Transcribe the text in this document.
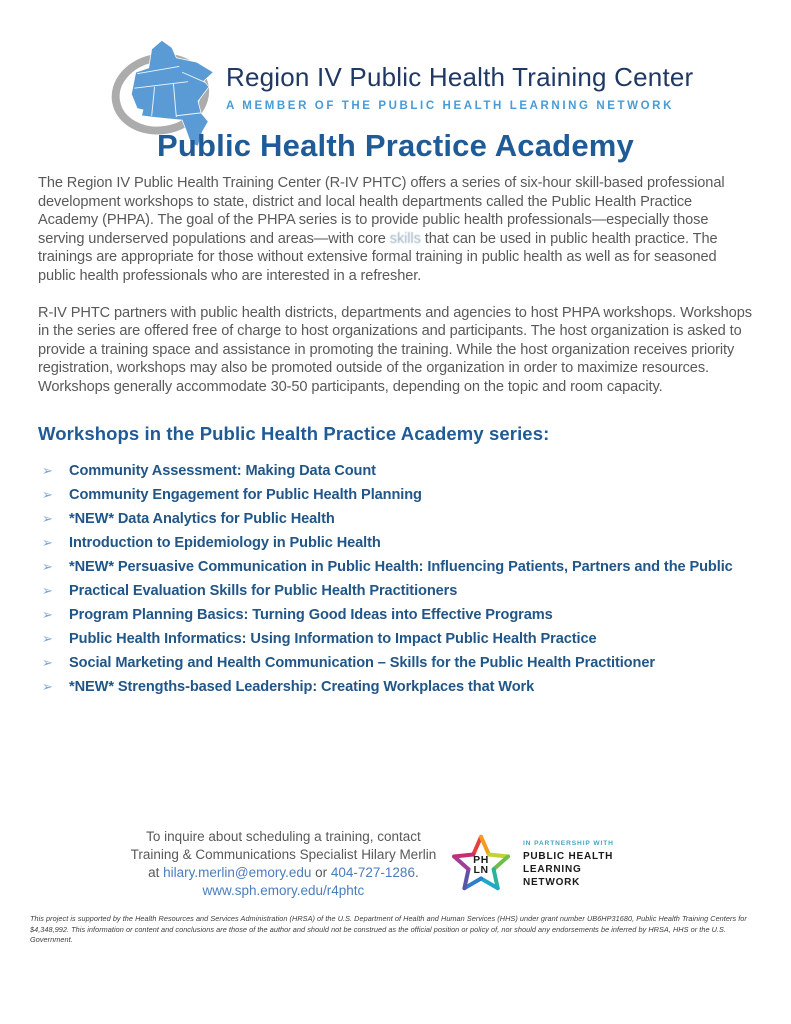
Region IV Public Health Training Center
A MEMBER OF THE PUBLIC HEALTH LEARNING NETWORK
Public Health Practice Academy

The Region IV Public Health Training Center (R-IV PHTC) offers a series of six-hour skill-based professional development workshops to state, district and local health departments called the Public Health Practice Academy (PHPA). The goal of the PHPA series is to provide public health professionals—especially those serving underserved populations and areas—with core skills that can be used in public health practice. The trainings are appropriate for those without extensive formal training in public health as well as for seasoned public health professionals who are interested in a refresher.

R-IV PHTC partners with public health districts, departments and agencies to host PHPA workshops. Workshops in the series are offered free of charge to host organizations and participants. The host organization is asked to provide a training space and assistance in promoting the training. While the host organization receives priority registration, workshops may also be promoted outside of the organization in order to maximize resources. Workshops generally accommodate 30-50 participants, depending on the topic and room capacity.

Workshops in the Public Health Practice Academy series:
➢	Community Assessment: Making Data Count
➢	Community Engagement for Public Health Planning
➢	*NEW* Data Analytics for Public Health
➢	Introduction to Epidemiology in Public Health
➢	*NEW* Persuasive Communication in Public Health: Influencing Patients, Partners and the Public
➢	Practical Evaluation Skills for Public Health Practitioners
➢	Program Planning Basics: Turning Good Ideas into Effective Programs
➢	Public Health Informatics: Using Information to Impact Public Health Practice
➢	Social Marketing and Health Communication – Skills for the Public Health Practitioner
➢	*NEW* Strengths-based Leadership: Creating Workplaces that Work
To inquire about scheduling a training, contact
Training & Communications Specialist Hilary Merlin
at hilary.merlin@emory.edu or 404-727-1286.
www.sph.emory.edu/r4phtc
PH
LN
IN PARTNERSHIP WITH
PUBLIC HEALTH
LEARNING NETWORK
This project is supported by the Health Resources and Services Administration (HRSA) of the U.S. Department of Health and Human Services (HHS) under grant number UB6HP31680, Public Health Training Centers for $4,348,992. This information or content and conclusions are those of the author and should not be construed as the official position or policy of, nor should any endorsements be inferred by HRSA, HHS or the U.S. Government.
